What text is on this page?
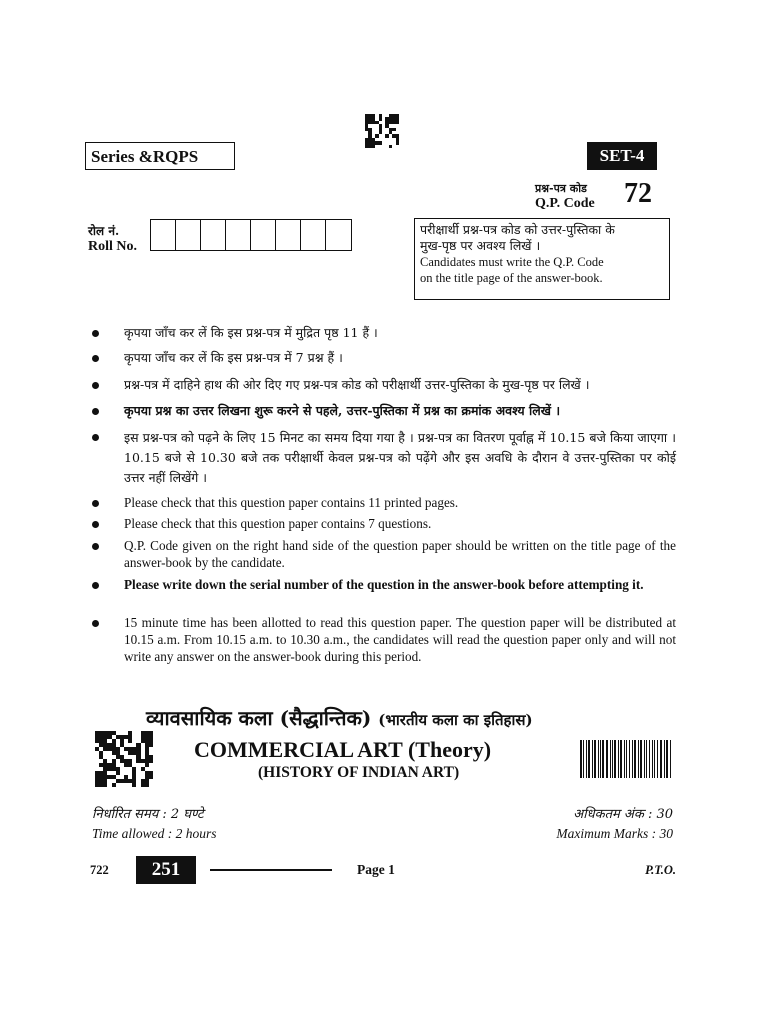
Series &RQPS	SET-4
प्रश्न-पत्र कोड
Q.P. Code 72
रोल नं.
Roll No.
परीक्षार्थी प्रश्न-पत्र कोड को उत्तर-पुस्तिका के
मुख-पृष्ठ पर अवश्य लिखें ।
Candidates must write the Q.P. Code
on the title page of the answer-book.
कृपया जाँच कर लें कि इस प्रश्न-पत्र में मुद्रित पृष्ठ 11 हैं ।
कृपया जाँच कर लें कि इस प्रश्न-पत्र में 7 प्रश्न हैं ।
प्रश्न-पत्र में दाहिने हाथ की ओर दिए गए प्रश्न-पत्र कोड को परीक्षार्थी उत्तर-पुस्तिका के मुख-पृष्ठ पर लिखें ।
कृपया प्रश्न का उत्तर लिखना शुरू करने से पहले, उत्तर-पुस्तिका में प्रश्न का क्रमांक अवश्य लिखें ।
इस प्रश्न-पत्र को पढ़ने के लिए 15 मिनट का समय दिया गया है । प्रश्न-पत्र का वितरण पूर्वाह्न में 10.15 बजे किया जाएगा । 10.15 बजे से 10.30 बजे तक परीक्षार्थी केवल प्रश्न-पत्र को पढ़ेंगे और इस अवधि के दौरान वे उत्तर-पुस्तिका पर कोई उत्तर नहीं लिखेंगे ।
Please check that this question paper contains 11 printed pages.
Please check that this question paper contains 7 questions.
Q.P. Code given on the right hand side of the question paper should be written on the title page of the answer-book by the candidate.
Please write down the serial number of the question in the answer-book before attempting it.
15 minute time has been allotted to read this question paper. The question paper will be distributed at 10.15 a.m. From 10.15 a.m. to 10.30 a.m., the candidates will read the question paper only and will not write any answer on the answer-book during this period.
व्यावसायिक कला (सैद्धान्तिक) (भारतीय कला का इतिहास)
COMMERCIAL ART (Theory)
(HISTORY OF INDIAN ART)
निर्धारित समय : 2 घण्टे
Time allowed : 2 hours
अधिकतम अंक : 30
Maximum Marks : 30
722	251	Page 1	P.T.O.
